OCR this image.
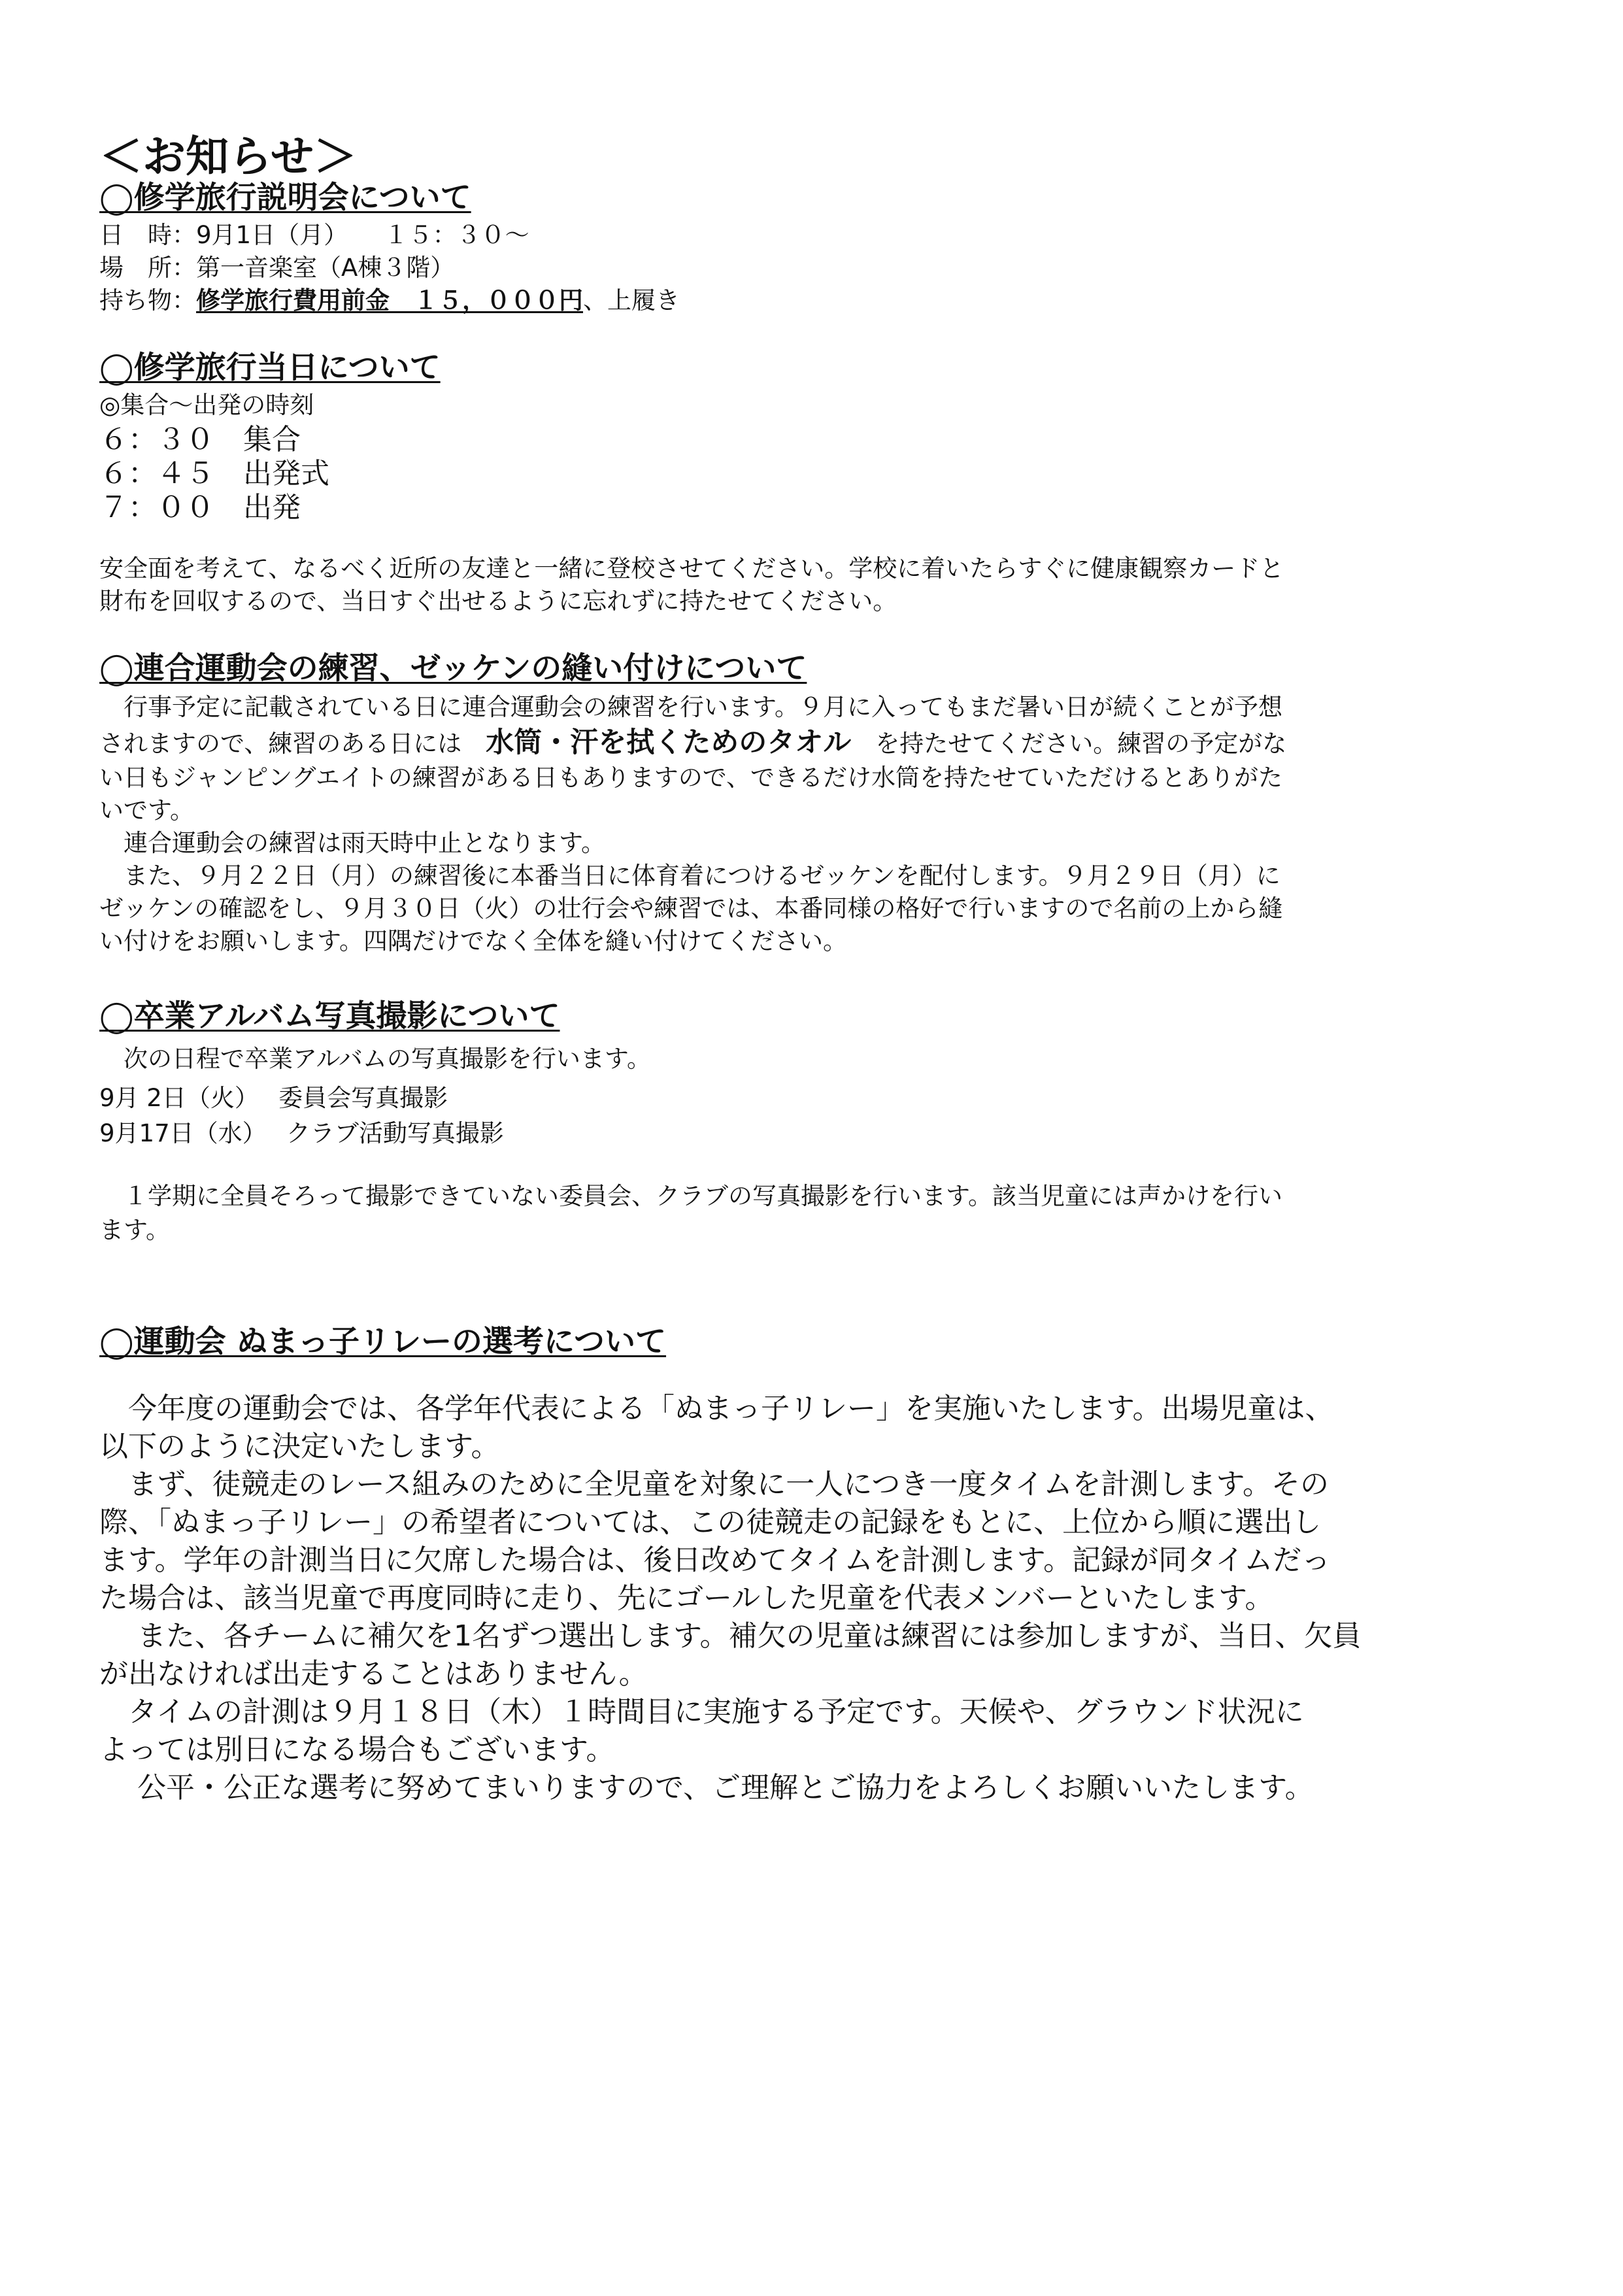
＜お知らせ＞
◯修学旅行説明会について

日　時：9月1日（月）　　１５：３０～

場　所：第一音楽室（A棟３階）

持ち物：修学旅行費用前金　１５，０００円、上履き

◯修学旅行当日について

◎集合～出発の時刻

６：３０　集合

６：４５　出発式

７：００　出発

安全面を考えて、なるべく近所の友達と一緒に登校させてください。学校に着いたらすぐに健康観察カードと

財布を回収するので、当日すぐ出せるように忘れずに持たせてください。

◯連合運動会の練習、ゼッケンの縫い付けについて

　行事予定に記載されている日に連合運動会の練習を行います。９月に入ってもまだ暑い日が続くことが予想

されますので、練習のある日には　水筒・汗を拭くためのタオル　を持たせてください。練習の予定がな

い日もジャンピングエイトの練習がある日もありますので、できるだけ水筒を持たせていただけるとありがた

いです。

　連合運動会の練習は雨天時中止となります。

　また、９月２２日（月）の練習後に本番当日に体育着につけるゼッケンを配付します。９月２９日（月）に

ゼッケンの確認をし、９月３０日（火）の壮行会や練習では、本番同様の格好で行いますので名前の上から縫

い付けをお願いします。四隅だけでなく全体を縫い付けてください。

◯卒業アルバム写真撮影について

　次の日程で卒業アルバムの写真撮影を行います。

9月 2日（火）　 委員会写真撮影

9月17日（水）　 クラブ活動写真撮影

　１学期に全員そろって撮影できていない委員会、クラブの写真撮影を行います。該当児童には声かけを行い

ます。

◯運動会 ぬまっ子リレーの選考について

　今年度の運動会では、各学年代表による「ぬまっ子リレー」を実施いたします。出場児童は、

以下のように決定いたします。

　まず、徒競走のレース組みのために全児童を対象に一人につき一度タイムを計測します。その

際、「ぬまっ子リレー」の希望者については、この徒競走の記録をもとに、上位から順に選出し

ます。学年の計測当日に欠席した場合は、後日改めてタイムを計測します。記録が同タイムだっ

た場合は、該当児童で再度同時に走り、先にゴールした児童を代表メンバーといたします。

　 また、各チームに補欠を1名ずつ選出します。補欠の児童は練習には参加しますが、当日、欠員

が出なければ出走することはありません。

　タイムの計測は９月１８日（木）１時間目に実施する予定です。天候や、グラウンド状況に

よっては別日になる場合もございます。

　 公平・公正な選考に努めてまいりますので、ご理解とご協力をよろしくお願いいたします。
